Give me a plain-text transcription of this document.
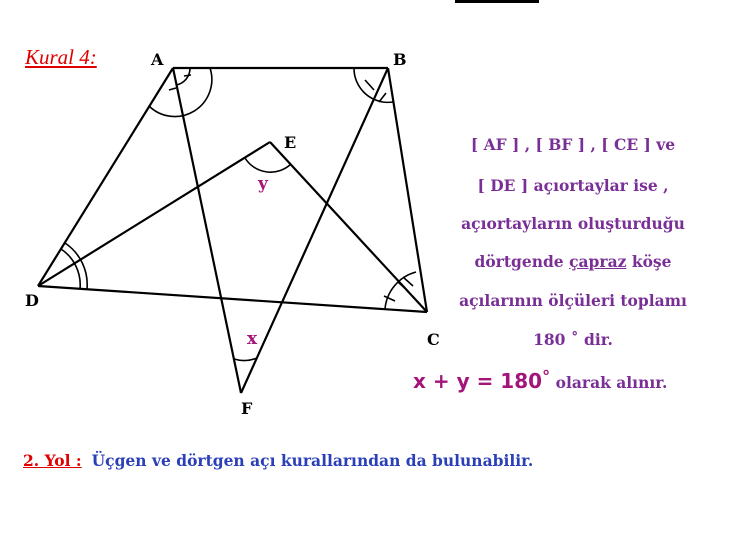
Kural 4:	A	B
C
D
E
F
y
x
[ AF ] , [ BF ] , [ CE ] ve
[ DE ] açıortaylar ise ,
açıortayların oluşturduğu
dörtgende çapraz köşe
açılarının ölçüleri toplamı
180 ˚ dir.
x + y = 180° olarak alınır.
2. Yol : Üçgen ve dörtgen açı kurallarından da bulunabilir.
